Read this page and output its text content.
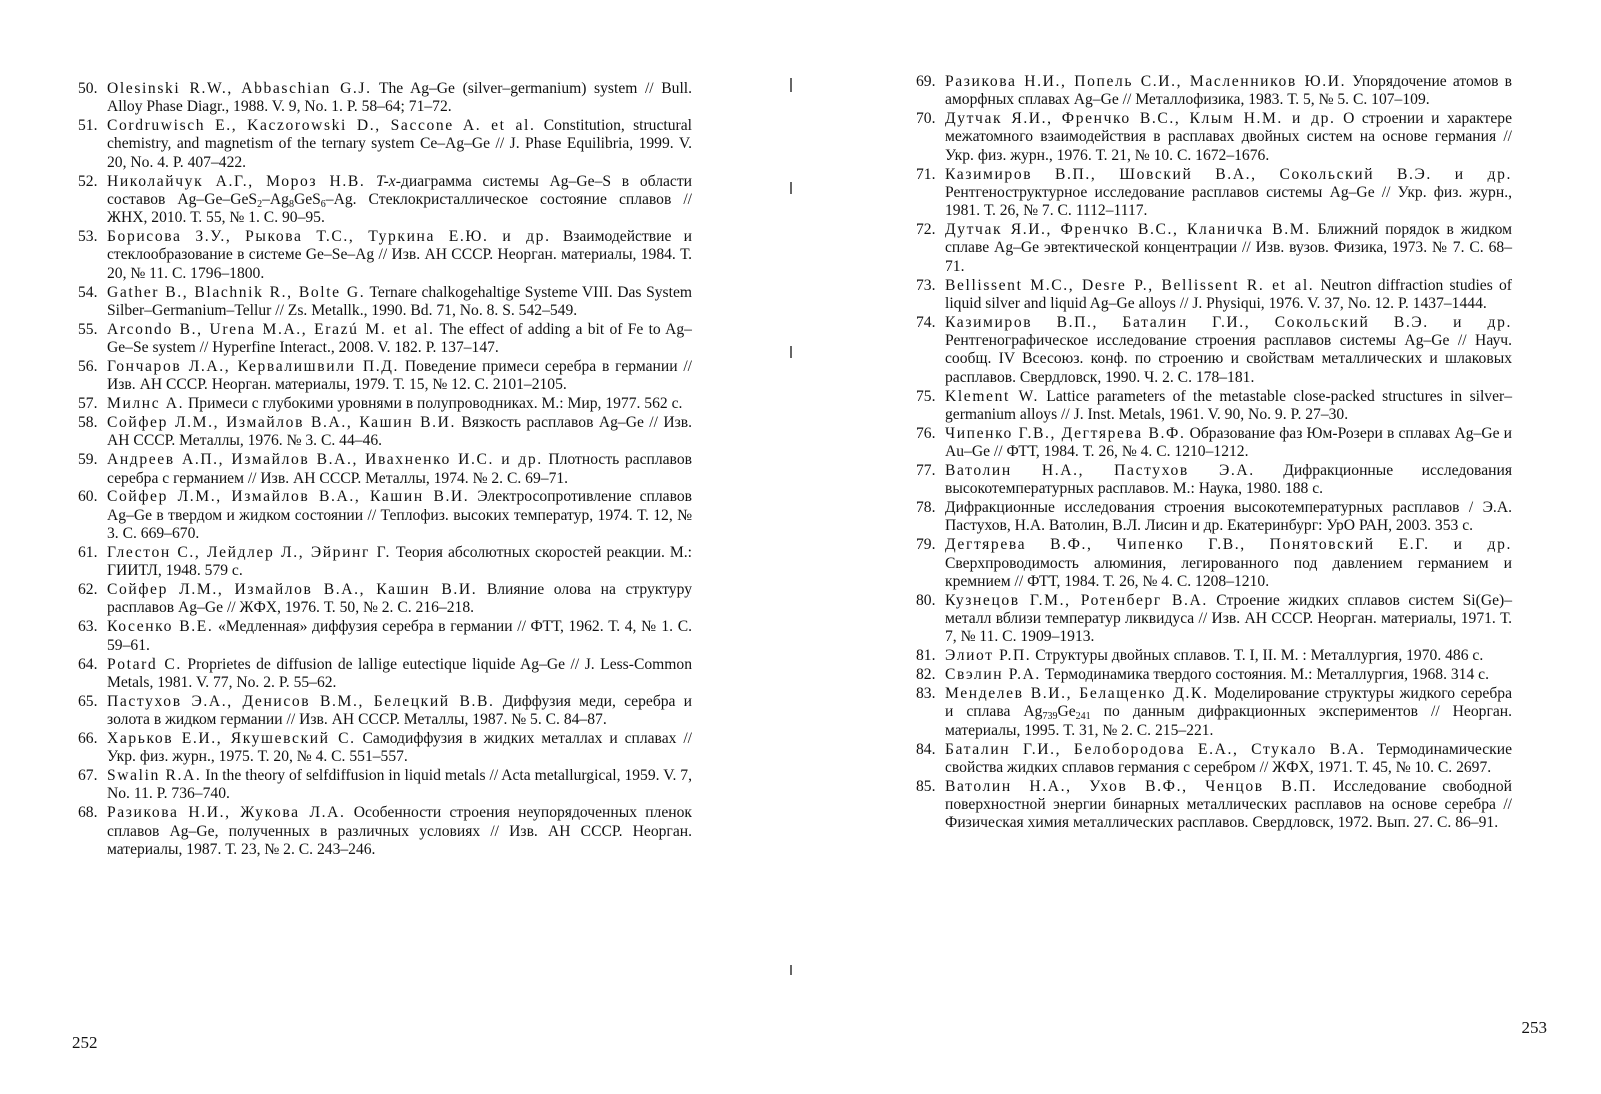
50. Olesinski R.W., Abbaschian G.J. The Ag–Ge (silver–germanium) system // Bull. Alloy Phase Diagr., 1988. V. 9, No. 1. P. 58–64; 71–72.
51. Cordruwisch E., Kaczorowski D., Saccone A. et al. Constitution, structural chemistry, and magnetism of the ternary system Ce–Ag–Ge // J. Phase Equilibria, 1999. V. 20, No. 4. P. 407–422.
52. Николайчук А.Г., Мороз Н.В. T-x-диаграмма системы Ag–Ge–S в области составов $Ag-Ge-GeS_2-Ag_8GeS_6-Ag$. Стеклокристаллическое состояние сплавов // ЖНХ, 2010. Т. 55, № 1. С. 90–95.
53. Борисова З.У., Рыкова Т.С., Туркина Е.Ю. и др. Взаимодействие и стеклообразование в системе Ge–Se–Ag // Изв. АН СССР. Неорган. материалы, 1984. Т. 20, № 11. С. 1796–1800.
54. Gather B., Blachnik R., Bolte G. Ternare chalkogehaltige Systeme VIII. Das System Silber–Germanium–Tellur // Zs. Metallk., 1990. Bd. 71, No. 8. S. 542–549.
55. Arcondo B., Urena M.A., Erazú M. et al. The effect of adding a bit of Fe to Ag–Ge–Se system // Hyperfine Interact., 2008. V. 182. P. 137–147.
56. Гончаров Л.А., Кервалишвили П.Д. Поведение примеси серебра в германии // Изв. АН СССР. Неорган. материалы, 1979. Т. 15, № 12. С. 2101–2105.
57. Милнс А. Примеси с глубокими уровнями в полупроводниках. М.: Мир, 1977. 562 с.
58. Сойфер Л.М., Измайлов В.А., Кашин В.И. Вязкость расплавов Ag–Ge // Изв. АН СССР. Металлы, 1976. № 3. С. 44–46.
59. Андреев А.П., Измайлов В.А., Ивахненко И.С. и др. Плотность расплавов серебра с германием // Изв. АН СССР. Металлы, 1974. № 2. С. 69–71.
60. Сойфер Л.М., Измайлов В.А., Кашин В.И. Электросопротивление сплавов Ag–Ge в твердом и жидком состоянии // Теплофиз. высоких температур, 1974. Т. 12, № 3. С. 669–670.
61. Глестон С., Лейдлер Л., Эйринг Г. Теория абсолютных скоростей реакции. М.: ГИИТЛ, 1948. 579 с.
62. Сойфер Л.М., Измайлов В.А., Кашин В.И. Влияние олова на структуру расплавов Ag–Ge // ЖФХ, 1976. Т. 50, № 2. С. 216–218.
63. Косенко В.Е. «Медленная» диффузия серебра в германии // ФТТ, 1962. Т. 4, № 1. С. 59–61.
64. Potard C. Proprietes de diffusion de lallige eutectique liquide Ag–Ge // J. Less-Common Metals, 1981. V. 77, No. 2. P. 55–62.
65. Пастухов Э.А., Денисов В.М., Белецкий В.В. Диффузия меди, серебра и золота в жидком германии // Изв. АН СССР. Металлы, 1987. № 5. С. 84–87.
66. Харьков Е.И., Якушевский С. Самодиффузия в жидких металлах и сплавах // Укр. физ. журн., 1975. Т. 20, № 4. С. 551–557.
67. Swalin R.A. In the theory of selfdiffusion in liquid metals // Acta metallurgical, 1959. V. 7, No. 11. P. 736–740.
68. Разикова Н.И., Жукова Л.А. Особенности строения неупорядоченных пленок сплавов Ag–Ge, полученных в различных условиях // Изв. АН СССР. Неорган. материалы, 1987. Т. 23, № 2. С. 243–246.
252
69. Разикова Н.И., Попель С.И., Масленников Ю.И. Упорядочение атомов в аморфных сплавах Ag–Ge // Металлофизика, 1983. Т. 5, № 5. С. 107–109.
70. Дутчак Я.И., Френчко В.С., Клым Н.М. и др. О строении и характере межатомного взаимодействия в расплавах двойных систем на основе германия // Укр. физ. журн., 1976. Т. 21, № 10. С. 1672–1676.
71. Казимиров В.П., Шовский В.А., Сокольский В.Э. и др. Рентгеноструктурное исследование расплавов системы Ag–Ge // Укр. физ. журн., 1981. Т. 26, № 7. С. 1112–1117.
72. Дутчак Я.И., Френчко В.С., Кланичка В.М. Ближний порядок в жидком сплаве Ag–Ge эвтектической концентрации // Изв. вузов. Физика, 1973. № 7. С. 68–71.
73. Bellissent M.C., Desre P., Bellissent R. et al. Neutron diffraction studies of liquid silver and liquid Ag–Ge alloys // J. Physiqui, 1976. V. 37, No. 12. P. 1437–1444.
74. Казимиров В.П., Баталин Г.И., Сокольский В.Э. и др. Рентгенографическое исследование строения расплавов системы Ag–Ge // Науч. сообщ. IV Всесоюз. конф. по строению и свойствам металлических и шлаковых расплавов. Свердловск, 1990. Ч. 2. С. 178–181.
75. Klement W. Lattice parameters of the metastable close-packed structures in silver–germanium alloys // J. Inst. Metals, 1961. V. 90, No. 9. P. 27–30.
76. Чипенко Г.В., Дегтярева В.Ф. Образование фаз Юм-Розери в сплавах Ag–Ge и Au–Ge // ФТТ, 1984. Т. 26, № 4. С. 1210–1212.
77. Ватолин Н.А., Пастухов Э.А. Дифракционные исследования высокотемпературных расплавов. М.: Наука, 1980. 188 с.
78. Дифракционные исследования строения высокотемпературных расплавов / Э.А. Пастухов, Н.А. Ватолин, В.Л. Лисин и др. Екатеринбург: УрО РАН, 2003. 353 с.
79. Дегтярева В.Ф., Чипенко Г.В., Понятовский Е.Г. и др. Сверхпроводимость алюминия, легированного под давлением германием и кремнием // ФТТ, 1984. Т. 26, № 4. С. 1208–1210.
80. Кузнецов Г.М., Ротенберг В.А. Строение жидких сплавов систем Si(Ge)–металл вблизи температур ликвидуса // Изв. АН СССР. Неорган. материалы, 1971. Т. 7, № 11. С. 1909–1913.
81. Элиот Р.П. Структуры двойных сплавов. Т. I, II. М. : Металлургия, 1970. 486 с.
82. Свэлин Р.А. Термодинамика твердого состояния. М.: Металлургия, 1968. 314 с.
83. Менделев В.И., Белащенко Д.К. Моделирование структуры жидкого серебра и сплава $Ag_{739}Ge_{241}$ по данным дифракционных экспериментов // Неорган. материалы, 1995. Т. 31, № 2. С. 215–221.
84. Баталин Г.И., Белобородова Е.А., Стукало В.А. Термодинамические свойства жидких сплавов германия с серебром // ЖФХ, 1971. Т. 45, № 10. С. 2697.
85. Ватолин Н.А., Ухов В.Ф., Ченцов В.П. Исследование свободной поверхностной энергии бинарных металлических расплавов на основе серебра // Физическая химия металлических расплавов. Свердловск, 1972. Вып. 27. С. 86–91.
253
